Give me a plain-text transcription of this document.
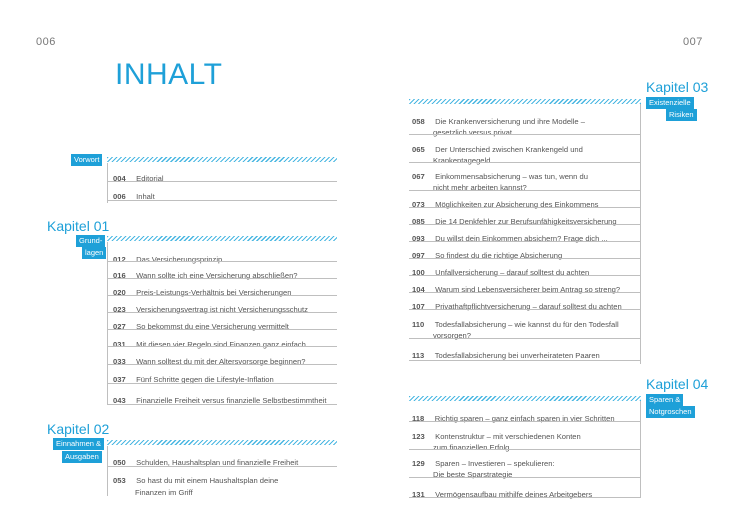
006	007
INHALT
Vorwort
004 Editorial
006 Inhalt
Kapitel 01
Grund-
lagen
012 Das Versicherungsprinzip
016 Wann sollte ich eine Versicherung abschließen?
020 Preis-Leistungs-Verhältnis bei Versicherungen
023 Versicherungsvertrag ist nicht Versicherungsschutz
027 So bekommst du eine Versicherung vermittelt
031 Mit diesen vier Regeln sind Finanzen ganz einfach
033 Wann solltest du mit der Altersvorsorge beginnen?
037 Fünf Schritte gegen die Lifestyle-Inflation
043 Finanzielle Freiheit versus finanzielle Selbstbestimmtheit
Kapitel 02
Einnahmen &
Ausgaben
050 Schulden, Haushaltsplan und finanzielle Freiheit
053 So hast du mit einem Haushaltsplan deine
Finanzen im Griff
Kapitel 03
Existenzielle
Risiken
058 Die Krankenversicherung und ihre Modelle –
gesetzlich versus privat
065 Der Unterschied zwischen Krankengeld und
Krankentagegeld
067 Einkommensabsicherung – was tun, wenn du
nicht mehr arbeiten kannst?
073 Möglichkeiten zur Absicherung des Einkommens
085 Die 14 Denkfehler zur Berufsunfähigkeitsversicherung
093 Du willst dein Einkommen absichern? Frage dich ...
097 So findest du die richtige Absicherung
100 Unfallversicherung – darauf solltest du achten
104 Warum sind Lebensversicherer beim Antrag so streng?
107 Privathaftpflichtversicherung – darauf solltest du achten
110 Todesfallabsicherung – wie kannst du für den Todesfall
vorsorgen?
113 Todesfallabsicherung bei unverheirateten Paaren
Kapitel 04
Sparen &
Notgroschen
118 Richtig sparen – ganz einfach sparen in vier Schritten
123 Kontenstruktur – mit verschiedenen Konten
zum finanziellen Erfolg
129 Sparen – Investieren – spekulieren:
Die beste Sparstrategie
131 Vermögensaufbau mithilfe deines Arbeitgebers
